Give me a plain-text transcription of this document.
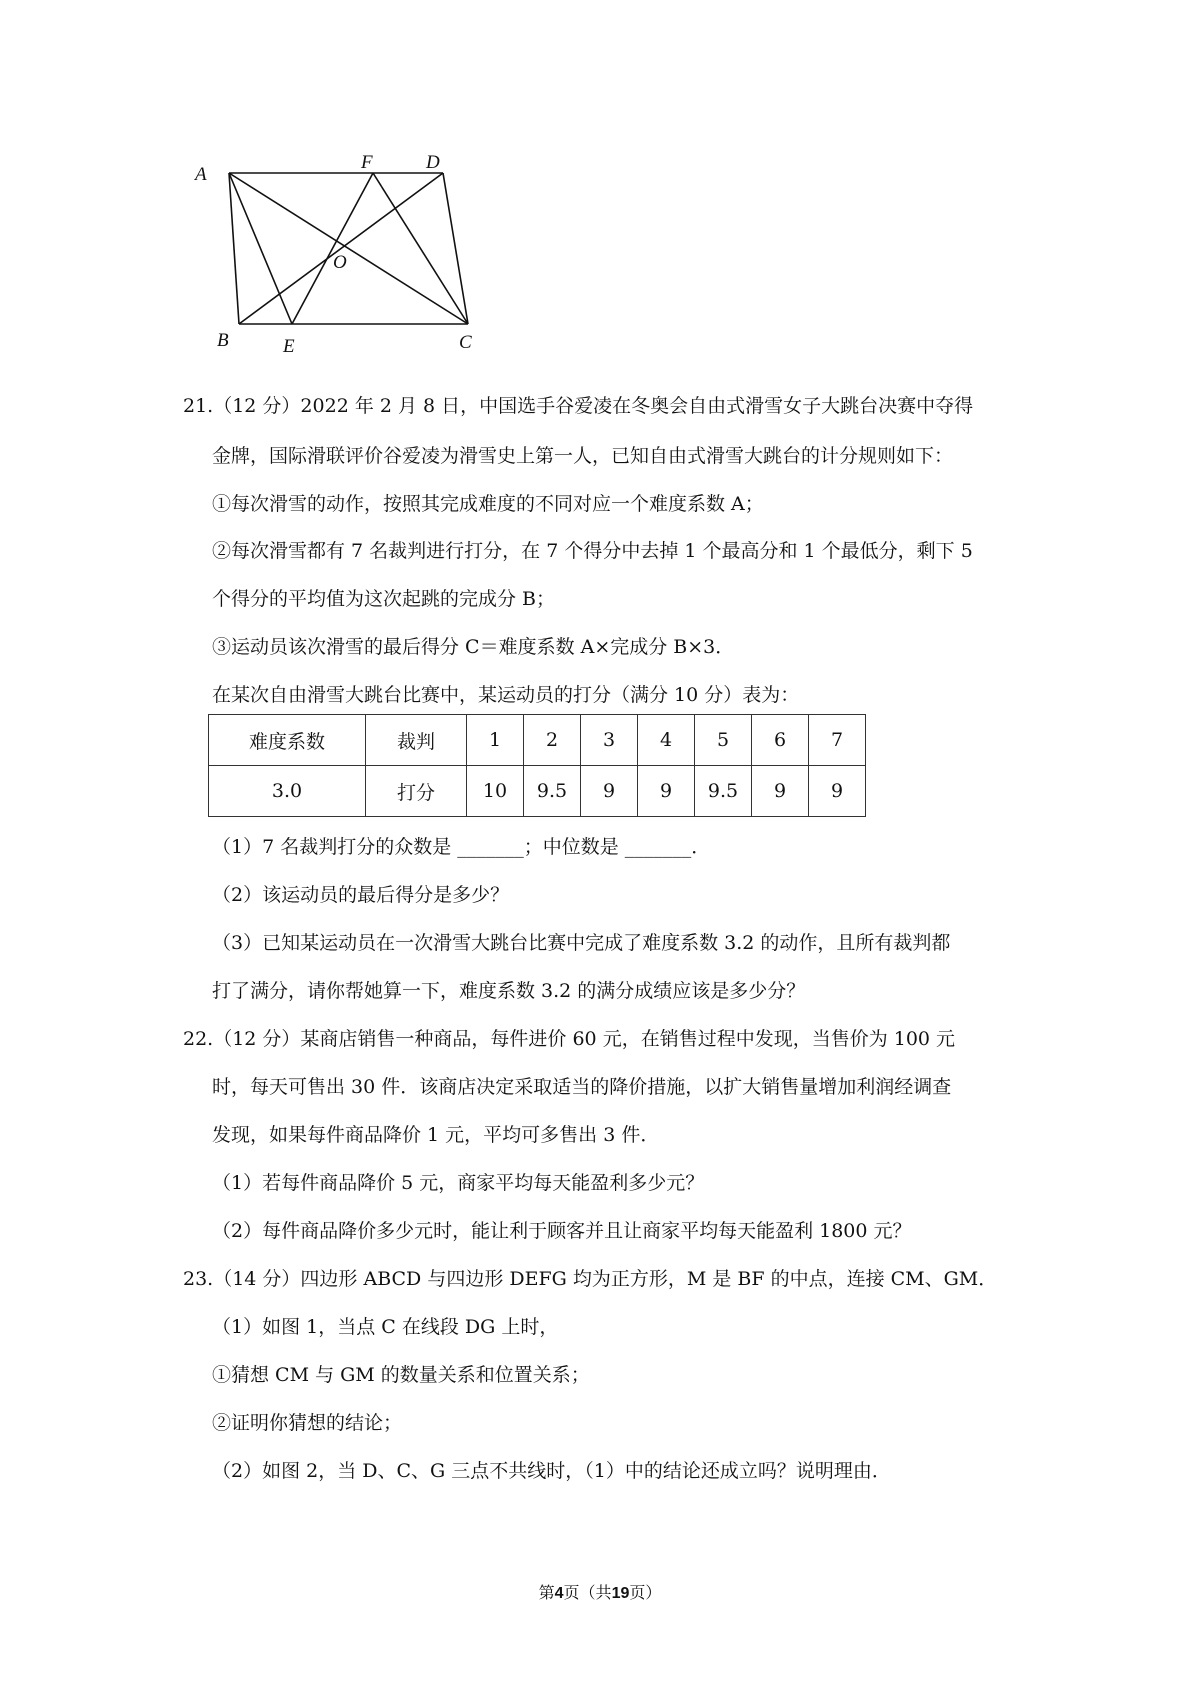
A
F	D
O
B	E	C
21.（12 分）2022 年 2 月 8 日，中国选手谷爱凌在冬奥会自由式滑雪女子大跳台决赛中夺得
金牌，国际滑联评价谷爱凌为滑雪史上第一人，已知自由式滑雪大跳台的计分规则如下：
①每次滑雪的动作，按照其完成难度的不同对应一个难度系数 A；
②每次滑雪都有 7 名裁判进行打分，在 7 个得分中去掉 1 个最高分和 1 个最低分，剩下 5
个得分的平均值为这次起跳的完成分 B；
③运动员该次滑雪的最后得分 C＝难度系数 A×完成分 B×3．
在某次自由滑雪大跳台比赛中，某运动员的打分（满分 10 分）表为：
难度系数	裁判	1	2	3	4	5	6	7
3.0	打分	10	9.5	9	9	9.5	9	9
（1）7 名裁判打分的众数是 _______；中位数是 _______．
（2）该运动员的最后得分是多少？
（3）已知某运动员在一次滑雪大跳台比赛中完成了难度系数 3.2 的动作，且所有裁判都
打了满分，请你帮她算一下，难度系数 3.2 的满分成绩应该是多少分？
22.（12 分）某商店销售一种商品，每件进价 60 元，在销售过程中发现，当售价为 100 元
时，每天可售出 30 件．该商店决定采取适当的降价措施，以扩大销售量增加利润经调查
发现，如果每件商品降价 1 元，平均可多售出 3 件．
（1）若每件商品降价 5 元，商家平均每天能盈利多少元？
（2）每件商品降价多少元时，能让利于顾客并且让商家平均每天能盈利 1800 元？
23.（14 分）四边形 ABCD 与四边形 DEFG 均为正方形，M 是 BF 的中点，连接 CM、GM．
（1）如图 1，当点 C 在线段 DG 上时，
①猜想 CM 与 GM 的数量关系和位置关系；
②证明你猜想的结论；
（2）如图 2，当 D、C、G 三点不共线时，（1）中的结论还成立吗？说明理由．
第4页（共19页）
